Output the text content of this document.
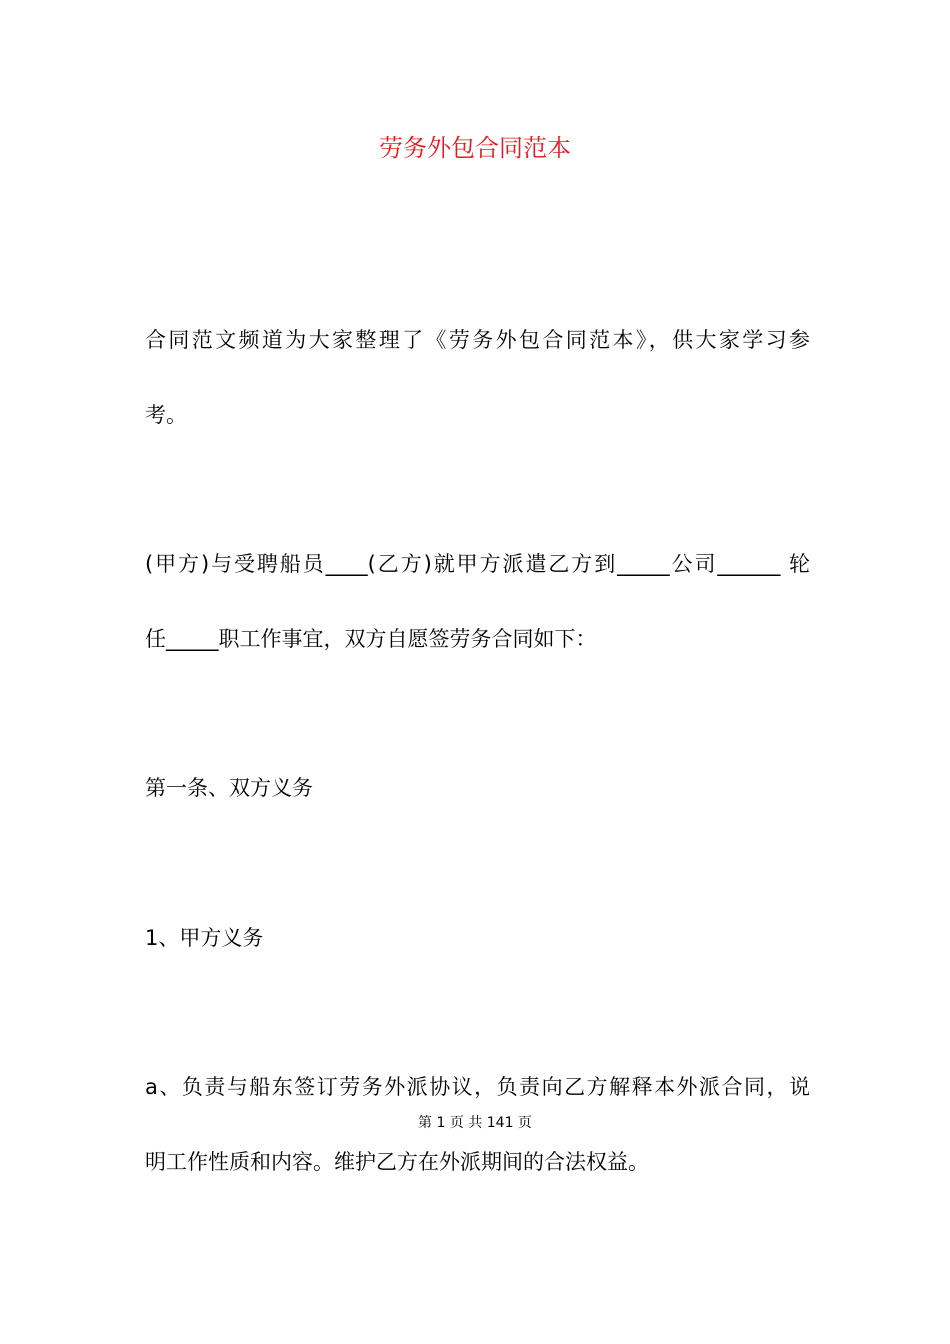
劳务外包合同范本
合同范文频道为大家整理了《劳务外包合同范本》，供大家学习参
考。
(甲方)与受聘船员____(乙方)就甲方派遣乙方到_____公司______ 轮
任_____职工作事宜，双方自愿签劳务合同如下：
第一条、双方义务
1、甲方义务
a、负责与船东签订劳务外派协议，负责向乙方解释本外派合同，说
第 1 页 共 141 页
明工作性质和内容。维护乙方在外派期间的合法权益。
